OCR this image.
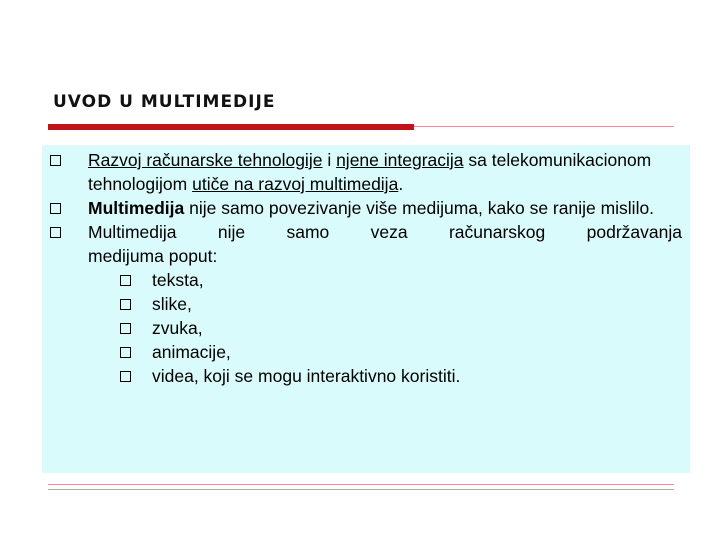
UVOD U MULTIMEDIJE
Razvoj računarske tehnologije i njene integracija sa telekomunikacionom tehnologijom utiče na razvoj multimedija.
Multimedija nije samo povezivanje više medijuma, kako se ranije mislilo.
Multimedija nije samo veza računarskog podržavanja
medijuma poput:
teksta,
slike,
zvuka,
animacije,
videa, koji se mogu interaktivno koristiti.
